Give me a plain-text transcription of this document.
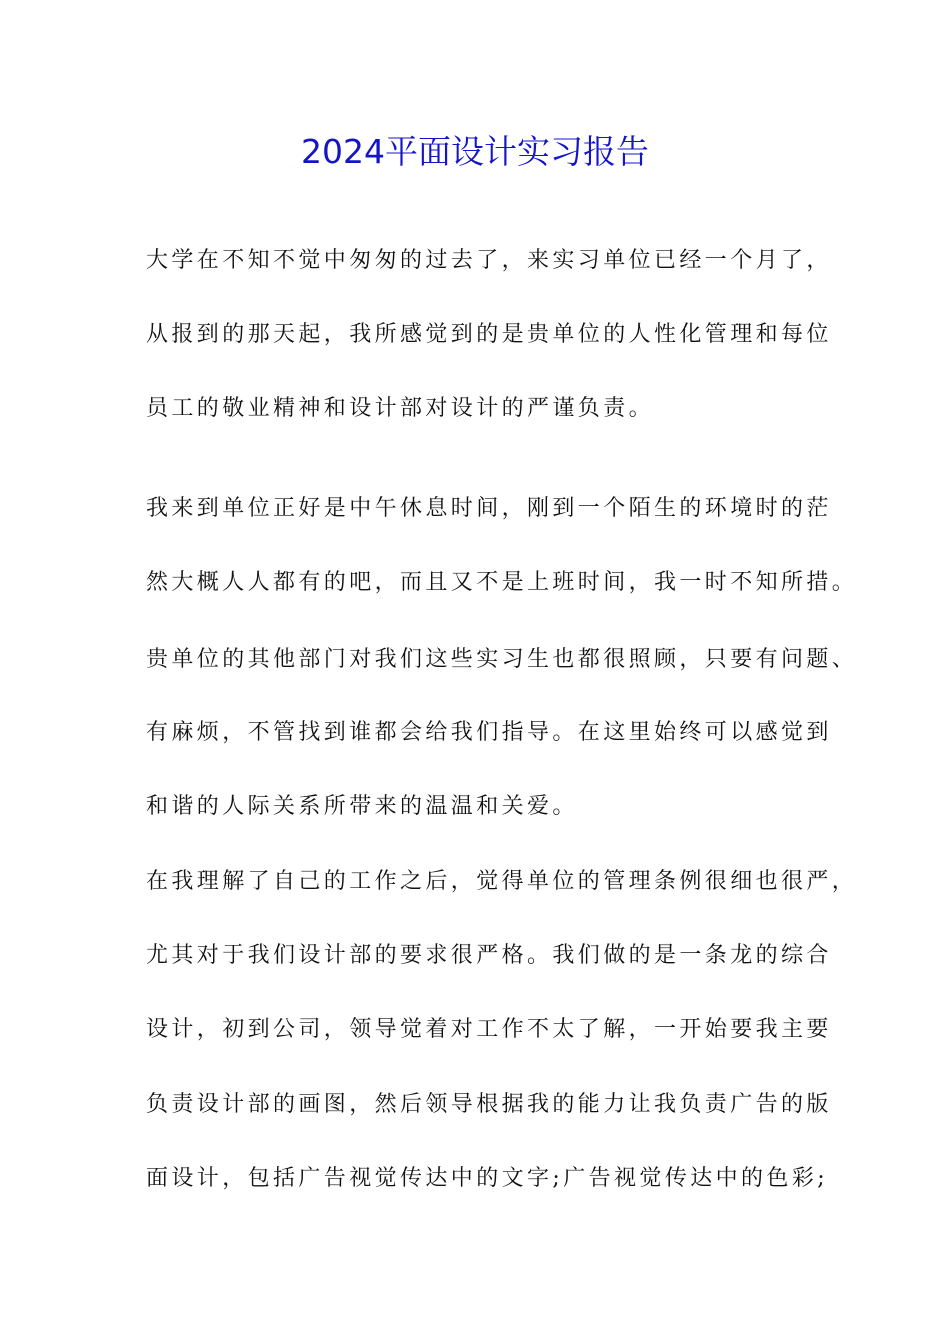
2024平面设计实习报告

大学在不知不觉中匆匆的过去了，来实习单位已经一个月了，

从报到的那天起，我所感觉到的是贵单位的人性化管理和每位

员工的敬业精神和设计部对设计的严谨负责。

我来到单位正好是中午休息时间，刚到一个陌生的环境时的茫

然大概人人都有的吧，而且又不是上班时间，我一时不知所措。

贵单位的其他部门对我们这些实习生也都很照顾，只要有问题、

有麻烦，不管找到谁都会给我们指导。在这里始终可以感觉到

和谐的人际关系所带来的温温和关爱。

在我理解了自己的工作之后，觉得单位的管理条例很细也很严，

尤其对于我们设计部的要求很严格。我们做的是一条龙的综合

设计，初到公司，领导觉着对工作不太了解，一开始要我主要

负责设计部的画图，然后领导根据我的能力让我负责广告的版

面设计，包括广告视觉传达中的文字;广告视觉传达中的色彩;
